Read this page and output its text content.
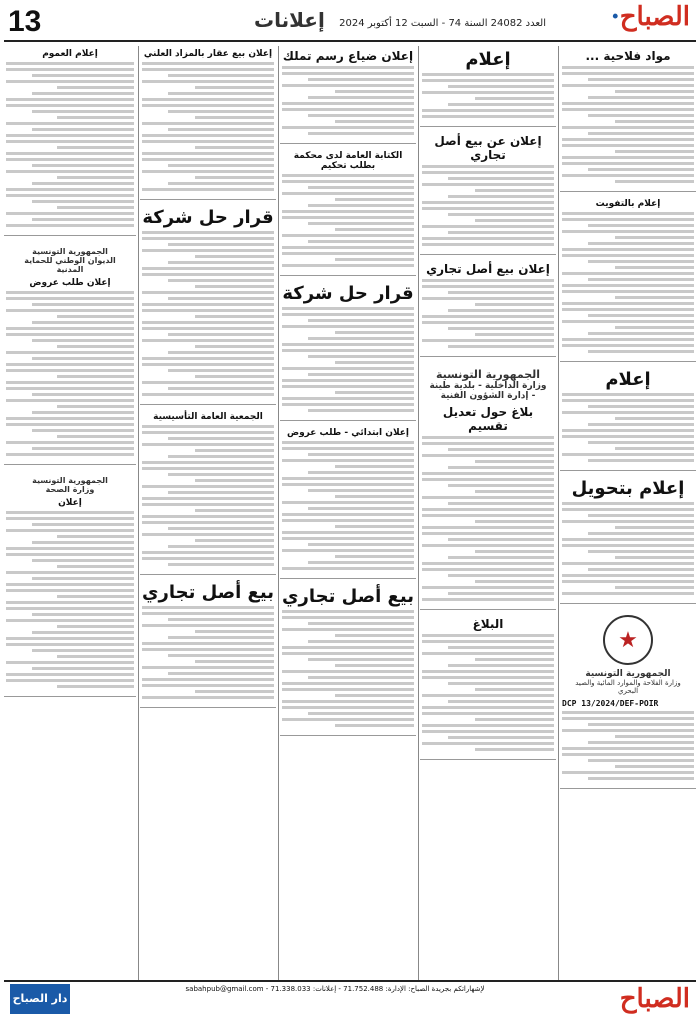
الصباح·
العدد 24082 السنة 74 - السبت 12 أكتوبر 2024
إعلانات
13
مواد فلاحية ...
إعلام بالتفويت
إعلام
إعلام بتحويل
★
الجمهورية التونسية
وزارة الفلاحة والموارد المائية والصيد البحري
DCP 13/2024/DEF-POIR
إعلام
إعلان عن بيع أصل تجاري
إعلان بيع أصل تجاري
الجمهورية التونسية
وزارة الداخلية - بلدية طينة - إدارة الشؤون الفنية
بلاغ حول تعديل تقسيم
البلاغ
إعلان ضياع رسم تملك
الكتابة العامة لدى محكمة بطلب تحكيم
قرار حل شركة
إعلان ابتدائي - طلب عروض
بيع أصل تجاري
إعلان بيع عقار بالمزاد العلني
قرار حل شركة
الجمعية العامة التأسيسية
بيع أصل تجاري
إعلام العموم
الجمهورية التونسية
الديوان الوطني للحماية المدنية
إعلان طلب عروض
الجمهورية التونسية
وزارة الصحة
إعلان
الصباح
لإشهاراتكم بجريدة الصباح: الإدارة: 71.752.488 - إعلانات: 71.338.033 - sabahpub@gmail.com
دار الصباح
